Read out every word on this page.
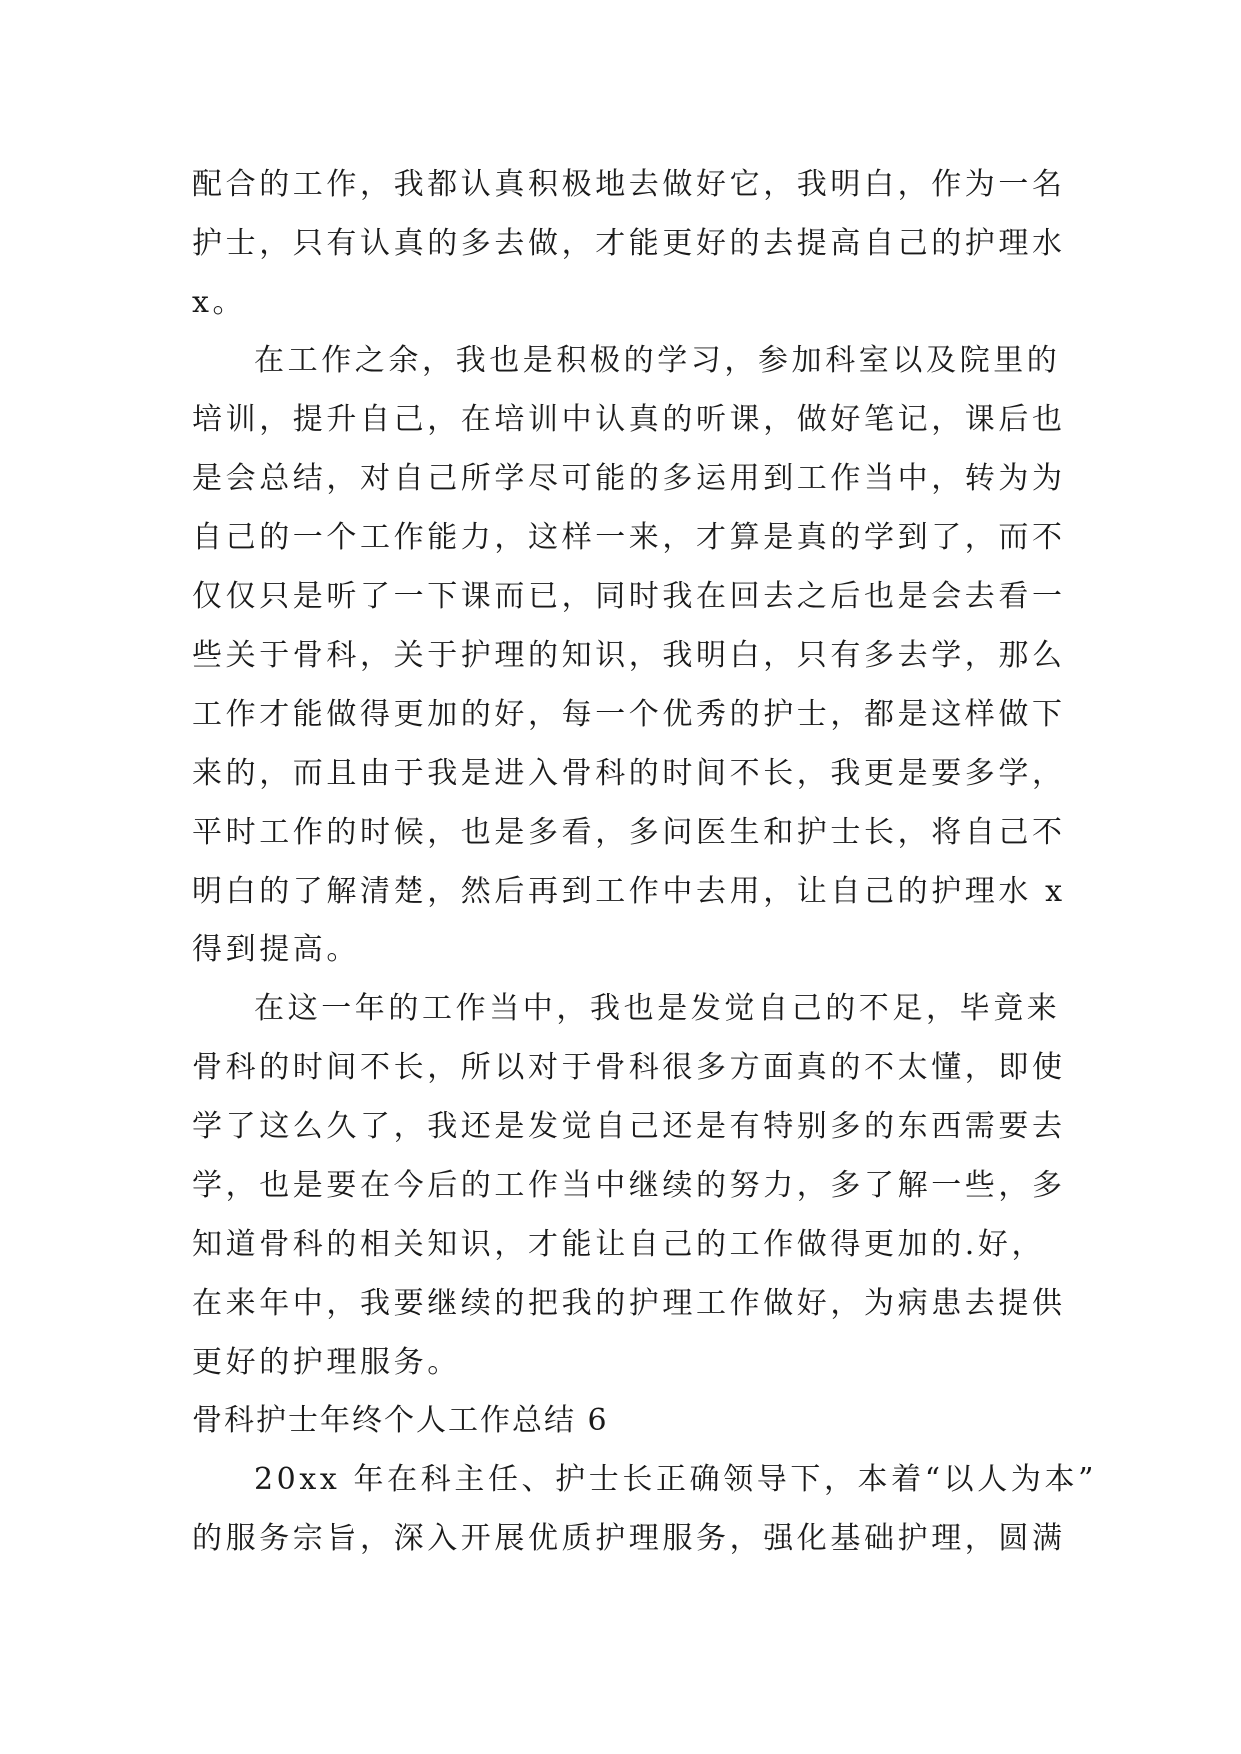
配合的工作，我都认真积极地去做好它，我明白，作为一名
护士，只有认真的多去做，才能更好的去提高自己的护理水
x。
在工作之余，我也是积极的学习，参加科室以及院里的
培训，提升自己，在培训中认真的听课，做好笔记，课后也
是会总结，对自己所学尽可能的多运用到工作当中，转为为
自己的一个工作能力，这样一来，才算是真的学到了，而不
仅仅只是听了一下课而已，同时我在回去之后也是会去看一
些关于骨科，关于护理的知识，我明白，只有多去学，那么
工作才能做得更加的好，每一个优秀的护士，都是这样做下
来的，而且由于我是进入骨科的时间不长，我更是要多学，
平时工作的时候，也是多看，多问医生和护士长，将自己不
明白的了解清楚，然后再到工作中去用，让自己的护理水 x
得到提高。
在这一年的工作当中，我也是发觉自己的不足，毕竟来
骨科的时间不长，所以对于骨科很多方面真的不太懂，即使
学了这么久了，我还是发觉自己还是有特别多的东西需要去
学，也是要在今后的工作当中继续的努力，多了解一些，多
知道骨科的相关知识，才能让自己的工作做得更加的.好，
在来年中，我要继续的把我的护理工作做好，为病患去提供
更好的护理服务。
骨科护士年终个人工作总结 6
20xx 年在科主任、护士长正确领导下，本着“以人为本”
的服务宗旨，深入开展优质护理服务，强化基础护理，圆满
